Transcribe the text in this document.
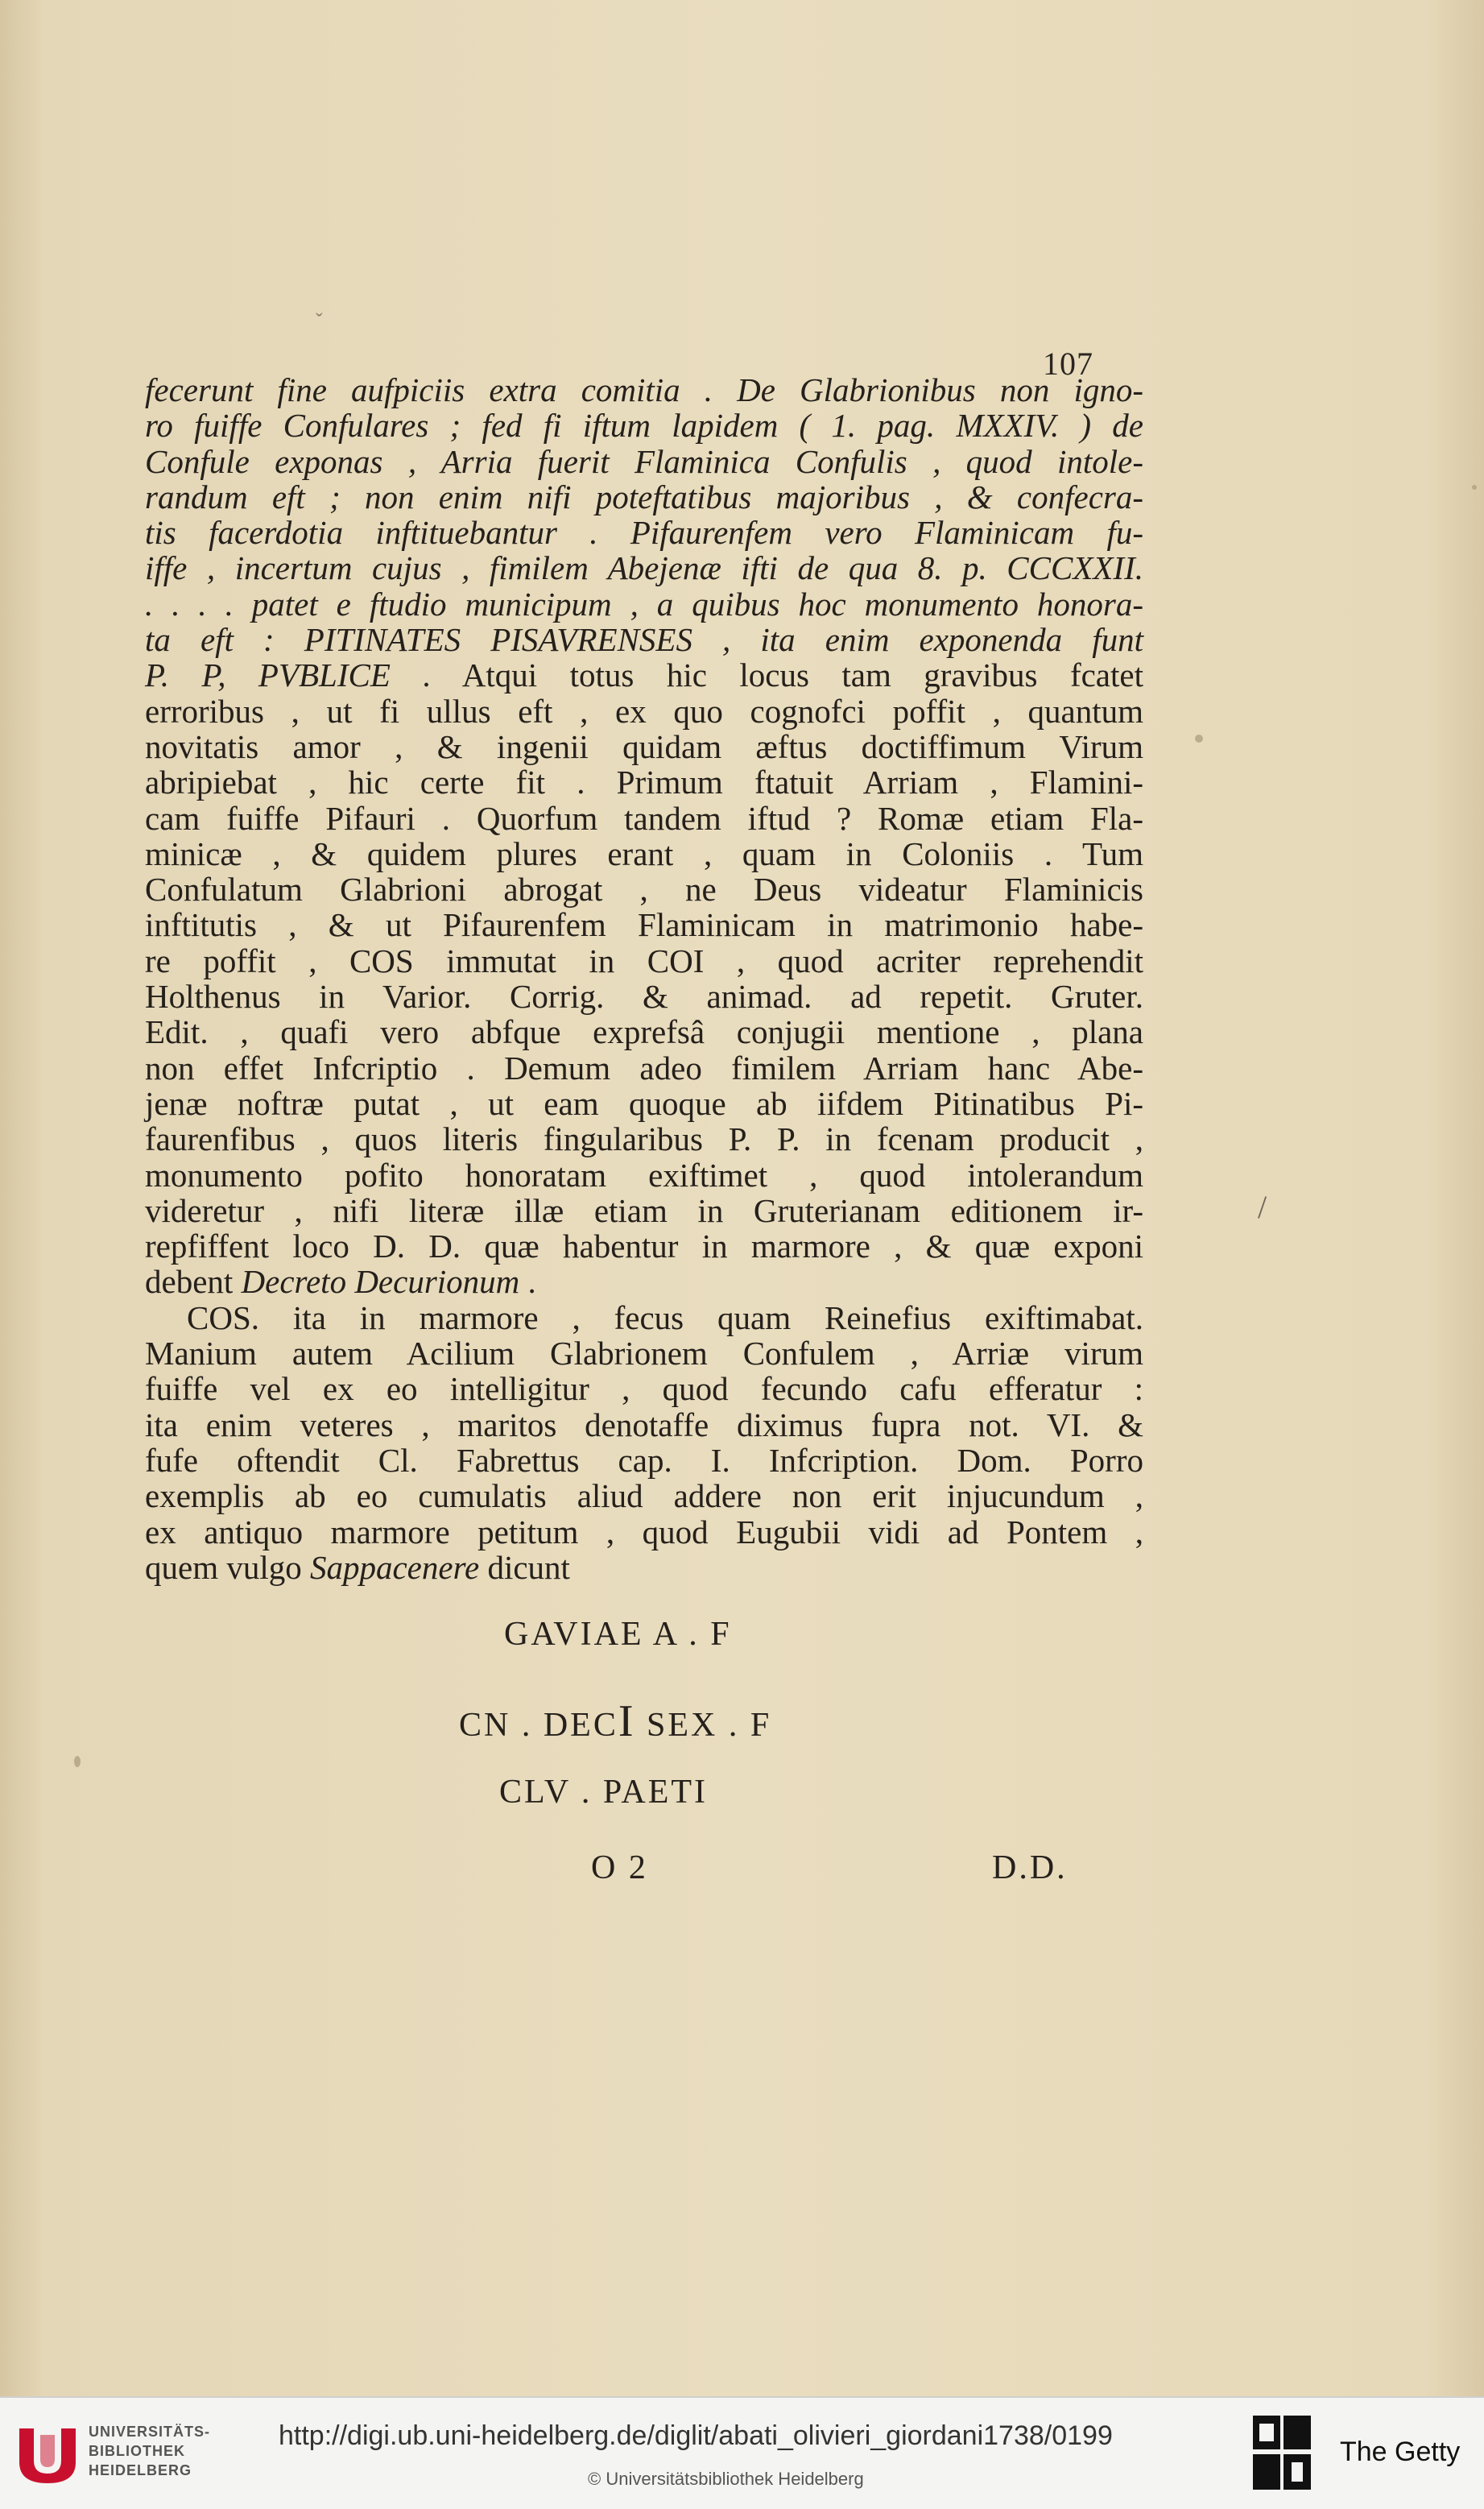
ˇ
107
fecerunt fine aufpiciis extra comitia . De Glabrionibus non igno-
ro fuiffe Confulares ; fed fi iftum lapidem ( 1. pag. MXXIV. ) de
Confule exponas , Arria fuerit Flaminica Confulis , quod intole-
randum eft ; non enim nifi poteftatibus majoribus , & confecra-
tis facerdotia inftituebantur . Pifaurenfem vero Flaminicam fu-
iffe , incertum cujus , fimilem Abejenæ ifti de qua 8. p. CCCXXII.
. . . . patet e ftudio municipum , a quibus hoc monumento honora-
ta eft : PITINATES PISAVRENSES , ita enim exponenda funt
P. P, PVBLICE . Atqui totus hic locus tam gravibus fcatet
erroribus , ut fi ullus eft , ex quo cognofci poffit , quantum
novitatis amor , & ingenii quidam æftus doctiffimum Virum
abripiebat , hic certe fit . Primum ftatuit Arriam , Flamini-
cam fuiffe Pifauri . Quorfum tandem iftud ? Romæ etiam Fla-
minicæ , & quidem plures erant , quam in Coloniis . Tum
Confulatum Glabrioni abrogat , ne Deus videatur Flaminicis
inftitutis , & ut Pifaurenfem Flaminicam in matrimonio habe-
re poffit , COS immutat in COI , quod acriter reprehendit
Holthenus in Varior. Corrig. & animad. ad repetit. Gruter.
Edit. , quafi vero abfque exprefsâ conjugii mentione , plana
non effet Infcriptio . Demum adeo fimilem Arriam hanc Abe-
jenæ noftræ putat , ut eam quoque ab iifdem Pitinatibus Pi-
faurenfibus , quos literis fingularibus P. P. in fcenam producit ,
monumento pofito honoratam exiftimet , quod intolerandum
videretur , nifi literæ illæ etiam in Gruterianam editionem ir-
repfiffent loco D. D. quæ habentur in marmore , & quæ exponi
debent Decreto Decurionum .
COS. ita in marmore , fecus quam Reinefius exiftimabat.
Manium autem Acilium Glabrionem Confulem , Arriæ virum
fuiffe vel ex eo intelligitur , quod fecundo cafu efferatur :
ita enim veteres , maritos denotaffe diximus fupra not. VI. &
fufe oftendit Cl. Fabrettus cap. I. Infcription. Dom. Porro
exemplis ab eo cumulatis aliud addere non erit injucundum ,
ex antiquo marmore petitum , quod Eugubii vidi ad Pontem ,
quem vulgo Sappacenere dicunt
GAVIAE A . F
CN . DECI SEX . F
CLV . PAETI
O 2	D.D.
/
UNIVERSITÄTS-
BIBLIOTHEK
HEIDELBERG
http://digi.ub.uni-heidelberg.de/diglit/abati_olivieri_giordani1738/0199
© Universitätsbibliothek Heidelberg
The Getty
